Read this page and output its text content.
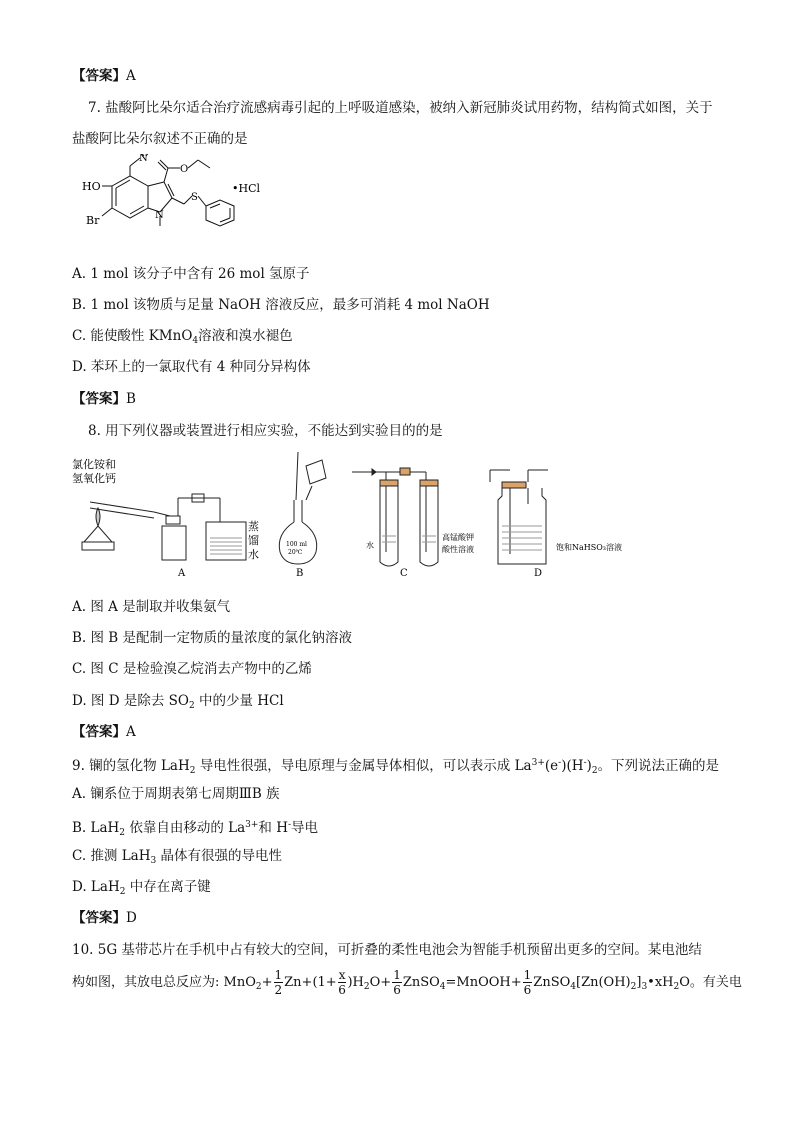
【答案】A
7. 盐酸阿比朵尔适合治疗流感病毒引起的上呼吸道感染，被纳入新冠肺炎试用药物，结构简式如图，关于
盐酸阿比朵尔叙述不正确的是
HO
Br
N
N
O
S
•HCl
A. 1 mol 该分子中含有 26 mol 氢原子
B. 1 mol 该物质与足量 NaOH 溶液反应，最多可消耗 4 mol NaOH
C. 能使酸性 KMnO$_4$溶液和溴水褪色
D. 苯环上的一氯取代有 4 种同分异构体
【答案】B
8. 用下列仪器或装置进行相应实验，不能达到实验目的的是
氯化铵和
氢氧化钙
蒸
馏
水
100 ml
20℃
水
高锰酸钾
酸性溶液	饱和NaHSO₃溶液
A	B	C	D
A. 图 A 是制取并收集氨气
B. 图 B 是配制一定物质的量浓度的氯化钠溶液
C. 图 C 是检验溴乙烷消去产物中的乙烯
D. 图 D 是除去 $SO_2$ 中的少量 HCl
【答案】A
9. 镧的氢化物 LaH$_2$ 导电性很强，导电原理与金属导体相似，可以表示成 $La^{3+}(e^-)(H^-)_2$。下列说法正确的是
A. 镧系位于周期表第七周期ⅢB 族
B. LaH$_2$ 依靠自由移动的 $La^{3+}$和 H-导电
C. 推测 LaH$_3$ 晶体有很强的导电性
D. LaH$_2$ 中存在离子键
【答案】D
10. 5G 基带芯片在手机中占有较大的空间，可折叠的柔性电池会为智能手机预留出更多的空间。某电池结
构如图，其放电总反应为: $MnO_2+ \frac{1}{2} Zn+(1+ \frac{x}{6} )H_2O+ \frac{1}{6}$ ZnSO$_4$=MnOOH+ $\frac{1}{6}$ $ZnSO_4[Zn(OH)_2]_3•xH_2O$。有关电
